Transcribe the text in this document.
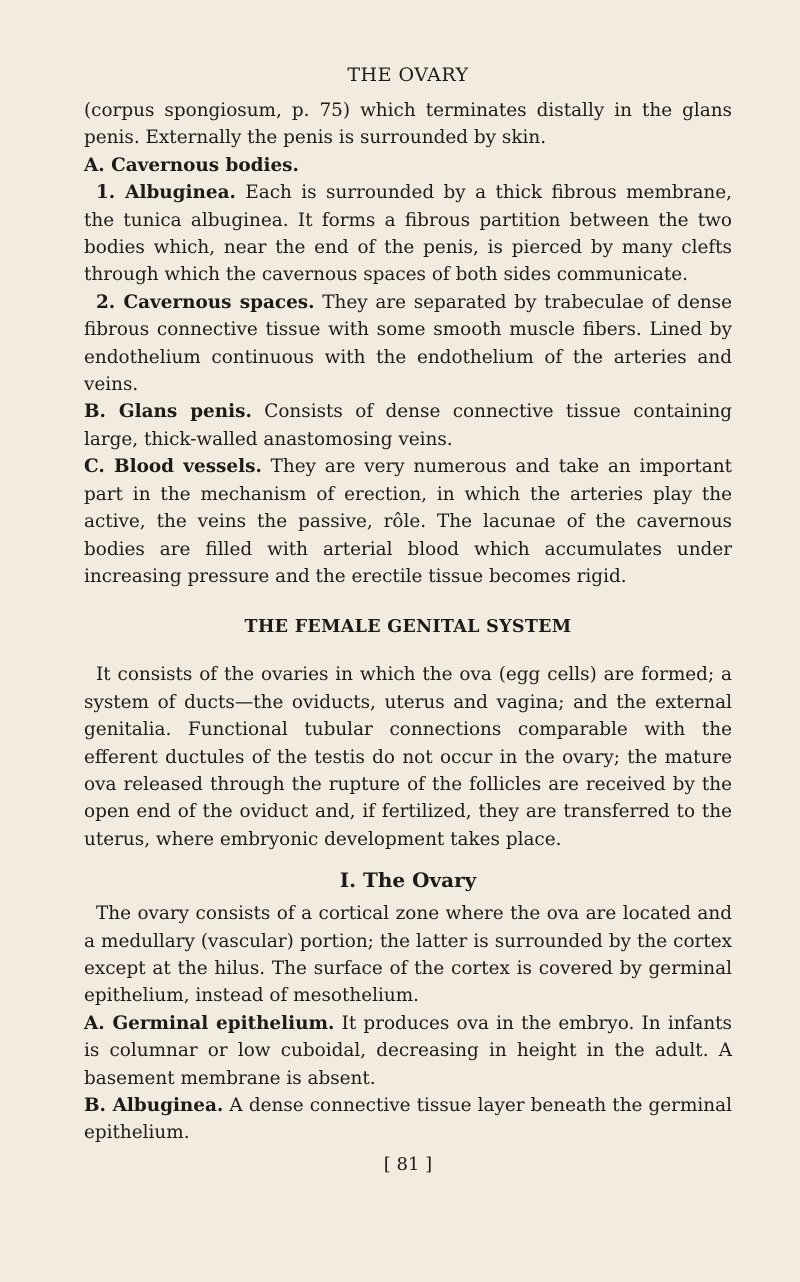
THE OVARY

(corpus spongiosum, p. 75) which terminates distally in the glans penis. Externally the penis is surrounded by skin.

A. Cavernous bodies.

1. Albuginea. Each is surrounded by a thick fibrous membrane, the tunica albuginea. It forms a fibrous partition between the two bodies which, near the end of the penis, is pierced by many clefts through which the cavernous spaces of both sides communicate.

2. Cavernous spaces. They are separated by trabeculae of dense fibrous connective tissue with some smooth muscle fibers. Lined by endothelium continuous with the endothelium of the arteries and veins.

B. Glans penis. Consists of dense connective tissue containing large, thick-walled anastomosing veins.

C. Blood vessels. They are very numerous and take an important part in the mechanism of erection, in which the arteries play the active, the veins the passive, rôle. The lacunae of the cavernous bodies are filled with arterial blood which accumulates under increasing pressure and the erectile tissue becomes rigid.

THE FEMALE GENITAL SYSTEM

It consists of the ovaries in which the ova (egg cells) are formed; a system of ducts—the oviducts, uterus and vagina; and the external genitalia. Functional tubular connections comparable with the efferent ductules of the testis do not occur in the ovary; the mature ova released through the rupture of the follicles are received by the open end of the oviduct and, if fertilized, they are transferred to the uterus, where embryonic development takes place.

I. The Ovary

The ovary consists of a cortical zone where the ova are located and a medullary (vascular) portion; the latter is surrounded by the cortex except at the hilus. The surface of the cortex is covered by germinal epithelium, instead of mesothelium.

A. Germinal epithelium. It produces ova in the embryo. In infants is columnar or low cuboidal, decreasing in height in the adult. A basement membrane is absent.

B. Albuginea. A dense connective tissue layer beneath the germinal epithelium.

[ 81 ]
